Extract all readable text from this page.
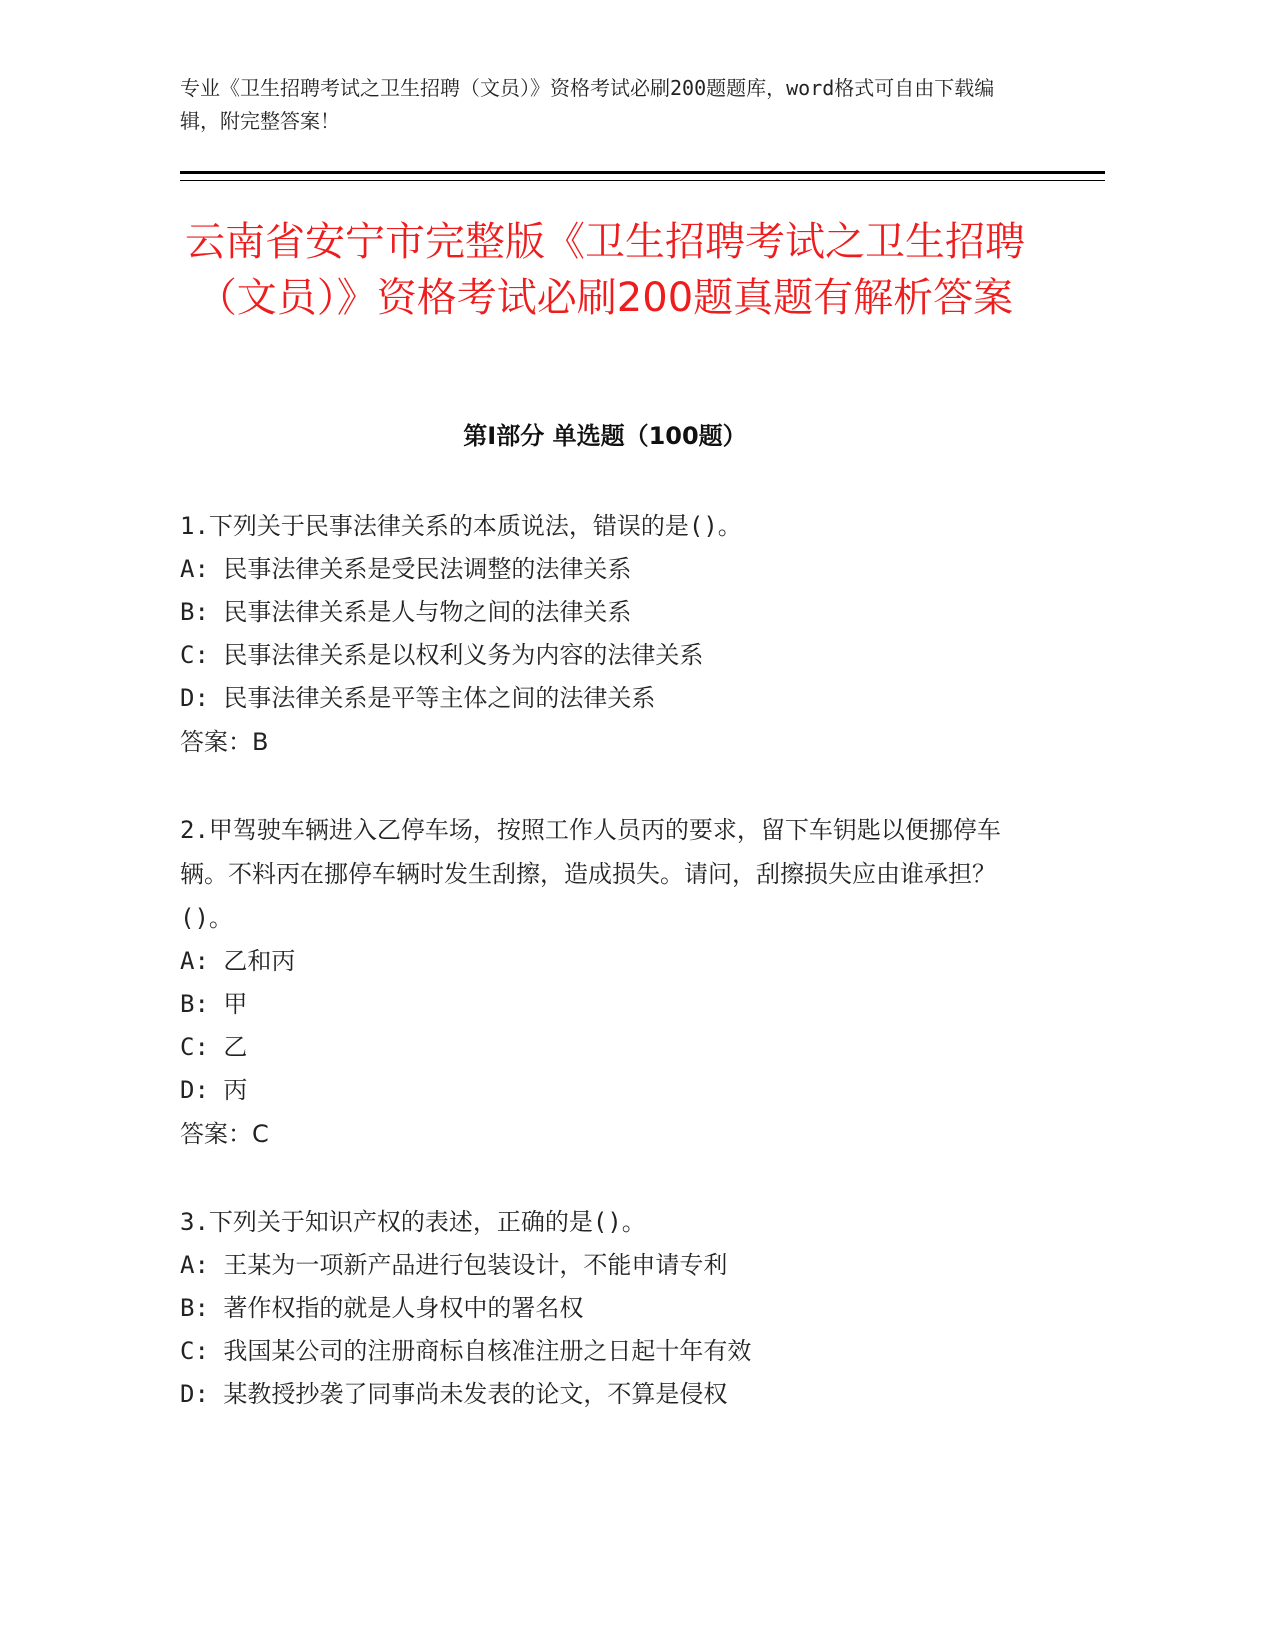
专业《卫生招聘考试之卫生招聘（文员）》资格考试必刷200题题库，word格式可自由下载编辑，附完整答案！
云南省安宁市完整版《卫生招聘考试之卫生招聘（文员）》资格考试必刷200题真题有解析答案
第I部分 单选题（100题）

1.下列关于民事法律关系的本质说法，错误的是()。

A: 民事法律关系是受民法调整的法律关系

B: 民事法律关系是人与物之间的法律关系

C: 民事法律关系是以权利义务为内容的法律关系

D: 民事法律关系是平等主体之间的法律关系

答案：B

2.甲驾驶车辆进入乙停车场，按照工作人员丙的要求，留下车钥匙以便挪停车辆。不料丙在挪停车辆时发生刮擦，造成损失。请问，刮擦损失应由谁承担？()。

A: 乙和丙

B: 甲

C: 乙

D: 丙

答案：C

3.下列关于知识产权的表述，正确的是()。

A: 王某为一项新产品进行包装设计，不能申请专利

B: 著作权指的就是人身权中的署名权

C: 我国某公司的注册商标自核准注册之日起十年有效

D: 某教授抄袭了同事尚未发表的论文，不算是侵权
